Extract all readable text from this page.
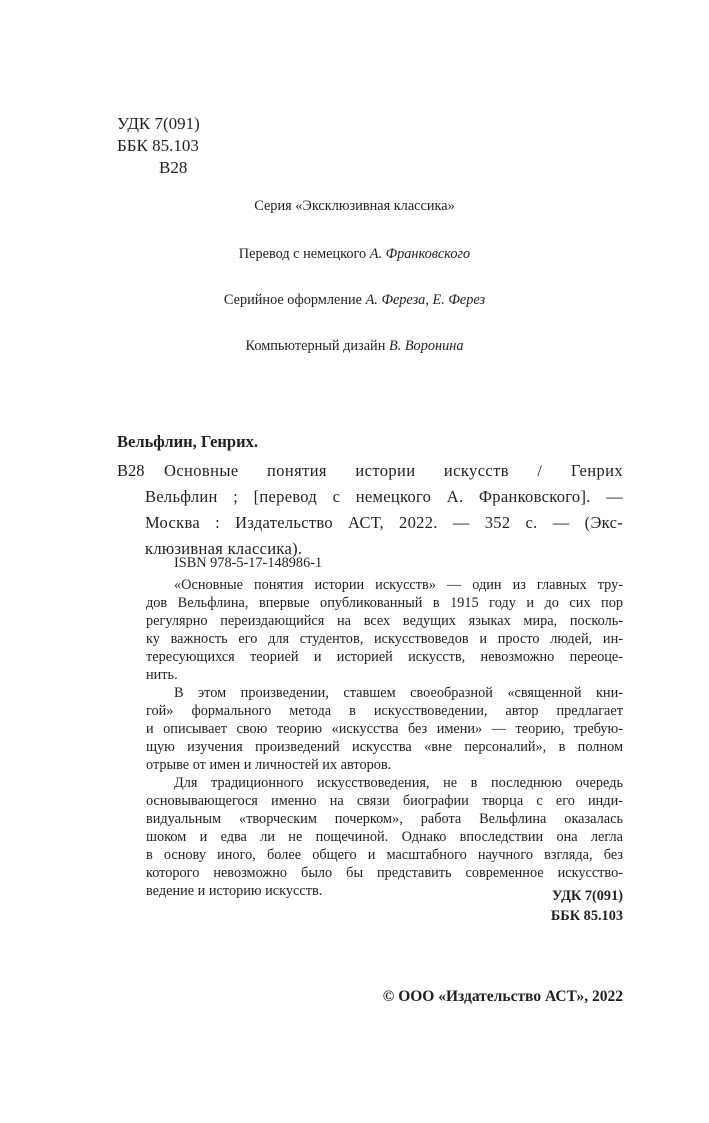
УДК 7(091)
ББК 85.103
В28
Серия «Эксклюзивная классика»
Перевод с немецкого А. Франковского
Серийное оформление А. Фереза, Е. Ферез
Компьютерный дизайн В. Воронина
Вельфлин, Генрих.
В28	Основные понятия истории искусств / Генрих
Вельфлин ; [перевод с немецкого А. Франковского]. —
Москва : Издательство АСТ, 2022. — 352 с. — (Экс-
клюзивная классика).
ISBN 978-5-17-148986-1

«Основные понятия истории искусств» — один из главных тру-
дов Вельфлина, впервые опубликованный в 1915 году и до сих пор
регулярно переиздающийся на всех ведущих языках мира, посколь-
ку важность его для студентов, искусствоведов и просто людей, ин-
тересующихся теорией и историей искусств, невозможно переоце-
нить.

В этом произведении, ставшем своеобразной «священной кни-
гой» формального метода в искусствоведении, автор предлагает
и описывает свою теорию «искусства без имени» — теорию, требую-
щую изучения произведений искусства «вне персоналий», в полном
отрыве от имен и личностей их авторов.

Для традиционного искусствоведения, не в последнюю очередь
основывающегося именно на связи биографии творца с его инди-
видуальным «творческим почерком», работа Вельфлина оказалась
шоком и едва ли не пощечиной. Однако впоследствии она легла
в основу иного, более общего и масштабного научного взгляда, без
которого невозможно было бы представить современное искусство-
ведение и историю искусств.	УДК 7(091)
ББК 85.103
© ООО «Издательство АСТ», 2022
